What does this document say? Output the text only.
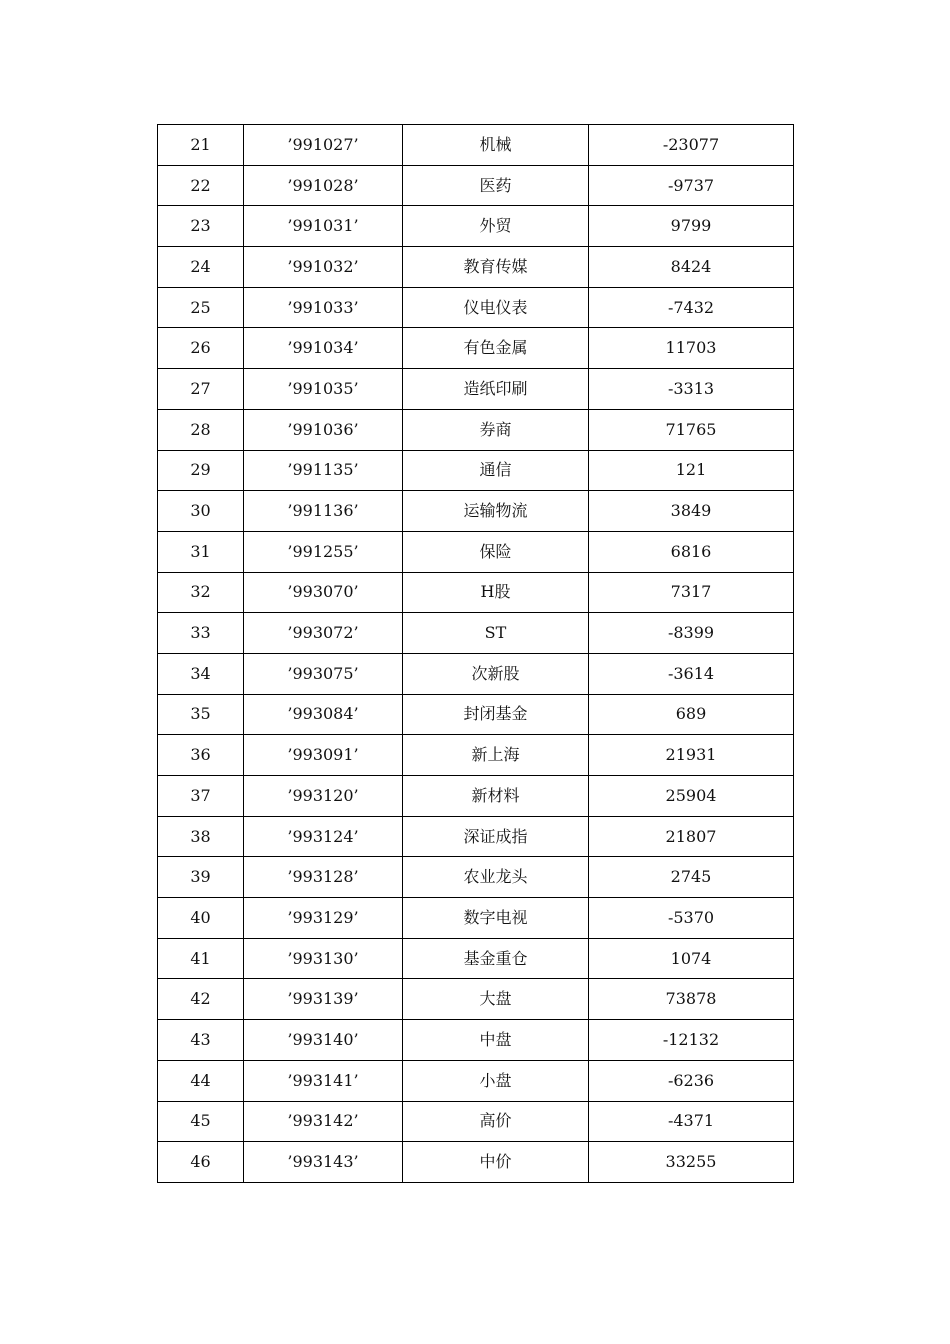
21	’991027’	机械	-23077
22	’991028’	医药	-9737
23	’991031’	外贸	9799
24	’991032’	教育传媒	8424
25	’991033’	仪电仪表	-7432
26	’991034’	有色金属	11703
27	’991035’	造纸印刷	-3313
28	’991036’	券商	71765
29	’991135’	通信	121
30	’991136’	运输物流	3849
31	’991255’	保险	6816
32	’993070’	H股	7317
33	’993072’	ST	-8399
34	’993075’	次新股	-3614
35	’993084’	封闭基金	689
36	’993091’	新上海	21931
37	’993120’	新材料	25904
38	’993124’	深证成指	21807
39	’993128’	农业龙头	2745
40	’993129’	数字电视	-5370
41	’993130’	基金重仓	1074
42	’993139’	大盘	73878
43	’993140’	中盘	-12132
44	’993141’	小盘	-6236
45	’993142’	高价	-4371
46	’993143’	中价	33255
